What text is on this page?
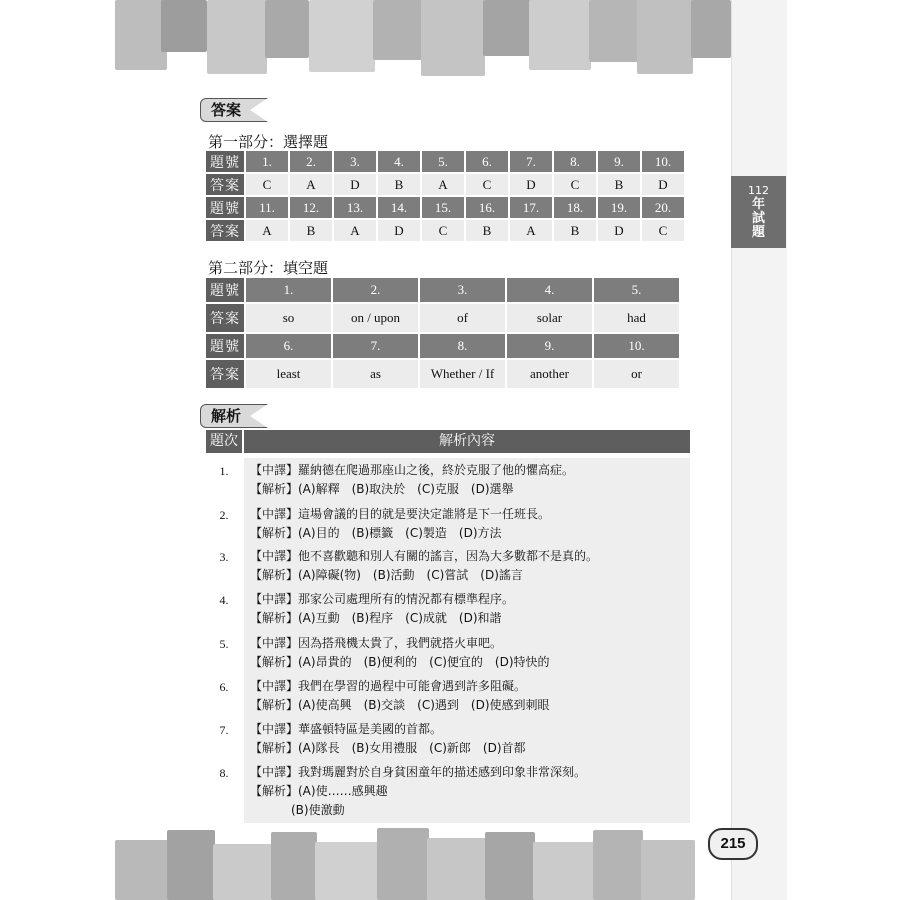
112
年
試
題
答案
第一部分：選擇題
題號	1.	2.	3.	4.	5.	6.	7.	8.	9.	10.
答案	C	A	D	B	A	C	D	C	B	D
題號	11.	12.	13.	14.	15.	16.	17.	18.	19.	20.
答案	A	B	A	D	C	B	A	B	D	C
第二部分：填空題
題號	1.	2.	3.	4.	5.
答案	so	on / upon	of	solar	had
題號	6.	7.	8.	9.	10.
答案	least	as	Whether / If	another	or
解析
題次	解析內容
1.	【中譯】羅納德在爬過那座山之後，終於克服了他的懼高症。
【解析】(A)解釋　(B)取決於　(C)克服　(D)選舉
2.	【中譯】這場會議的目的就是要決定誰將是下一任班長。
【解析】(A)目的　(B)標籤　(C)製造　(D)方法
3.	【中譯】他不喜歡聽和別人有關的謠言，因為大多數都不是真的。
【解析】(A)障礙(物)　(B)活動　(C)嘗試　(D)謠言
4.	【中譯】那家公司處理所有的情況都有標準程序。
【解析】(A)互動　(B)程序　(C)成就　(D)和諧
5.	【中譯】因為搭飛機太貴了，我們就搭火車吧。
【解析】(A)昂貴的　(B)便利的　(C)便宜的　(D)特快的
6.	【中譯】我們在學習的過程中可能會遇到許多阻礙。
【解析】(A)使高興　(B)交談　(C)遇到　(D)使感到刺眼
7.	【中譯】華盛頓特區是美國的首都。
【解析】(A)隊長　(B)女用禮服　(C)新郎　(D)首都
8.	【中譯】我對瑪麗對於自身貧困童年的描述感到印象非常深刻。
【解析】(A)使……感興趣
(B)使激動
215
